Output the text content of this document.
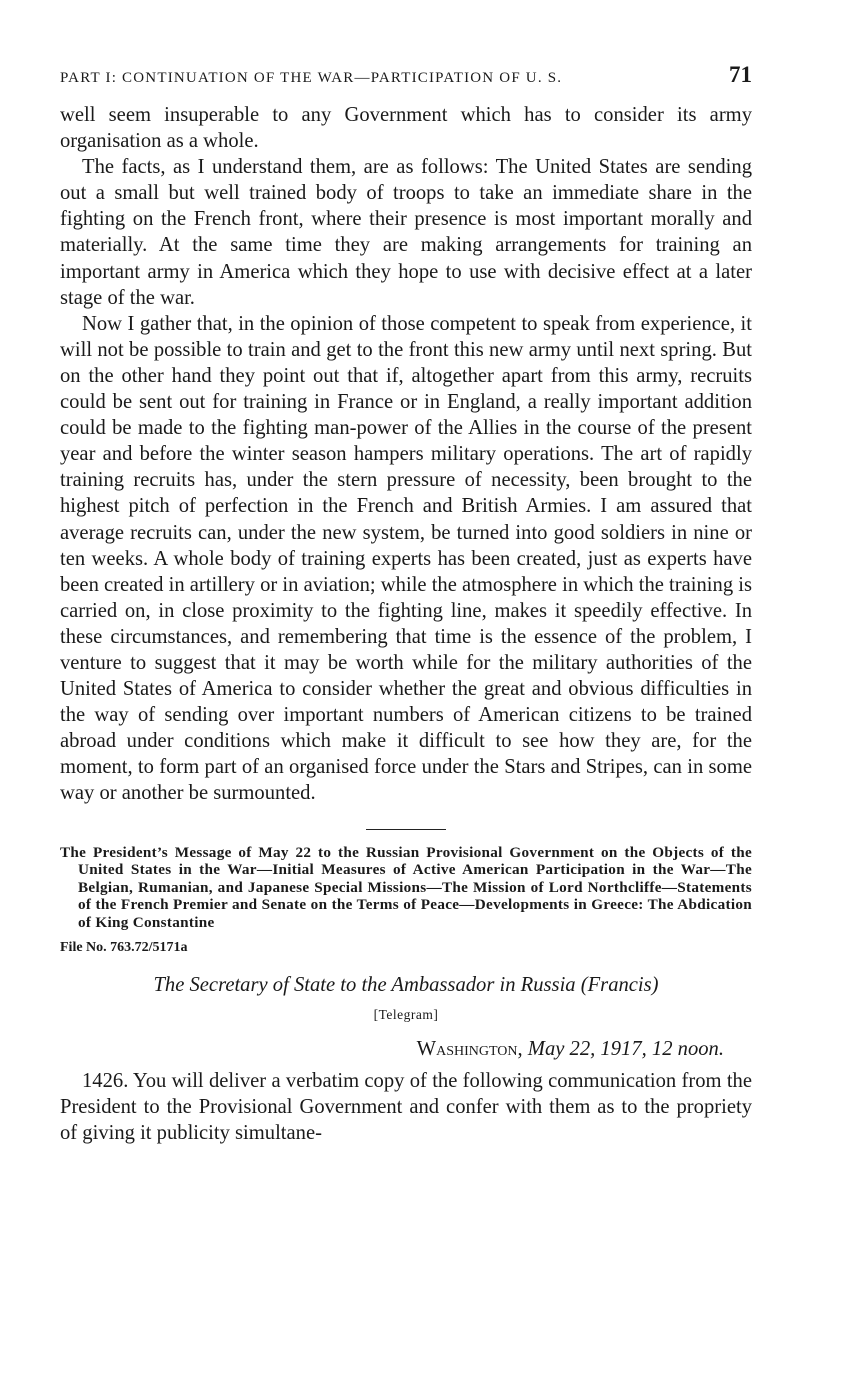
PART I: CONTINUATION OF THE WAR—PARTICIPATION OF U. S.	71

well seem insuperable to any Government which has to consider its army organisation as a whole.

The facts, as I understand them, are as follows: The United States are sending out a small but well trained body of troops to take an immediate share in the fighting on the French front, where their presence is most important morally and materially. At the same time they are making arrangements for training an important army in America which they hope to use with decisive effect at a later stage of the war.

Now I gather that, in the opinion of those competent to speak from experience, it will not be possible to train and get to the front this new army until next spring. But on the other hand they point out that if, altogether apart from this army, recruits could be sent out for training in France or in England, a really important addition could be made to the fighting man-power of the Allies in the course of the present year and before the winter season hampers military operations. The art of rapidly training recruits has, under the stern pressure of necessity, been brought to the highest pitch of perfection in the French and British Armies. I am assured that average recruits can, under the new system, be turned into good soldiers in nine or ten weeks. A whole body of training experts has been created, just as experts have been created in artillery or in aviation; while the atmosphere in which the training is carried on, in close proximity to the fighting line, makes it speedily effective. In these circumstances, and remembering that time is the essence of the problem, I venture to suggest that it may be worth while for the military authorities of the United States of America to consider whether the great and obvious difficulties in the way of sending over important numbers of American citizens to be trained abroad under conditions which make it difficult to see how they are, for the moment, to form part of an organised force under the Stars and Stripes, can in some way or another be surmounted.

The President’s Message of May 22 to the Russian Provisional Government on the Objects of the United States in the War—Initial Measures of Active American Participation in the War—The Belgian, Rumanian, and Japanese Special Missions—The Mission of Lord Northcliffe—Statements of the French Premier and Senate on the Terms of Peace—Developments in Greece: The Abdication of King Constantine

File No. 763.72/5171a

The Secretary of State to the Ambassador in Russia (Francis)

[Telegram]

Washington, May 22, 1917, 12 noon.

1426. You will deliver a verbatim copy of the following communication from the President to the Provisional Government and confer with them as to the propriety of giving it publicity simultane-
